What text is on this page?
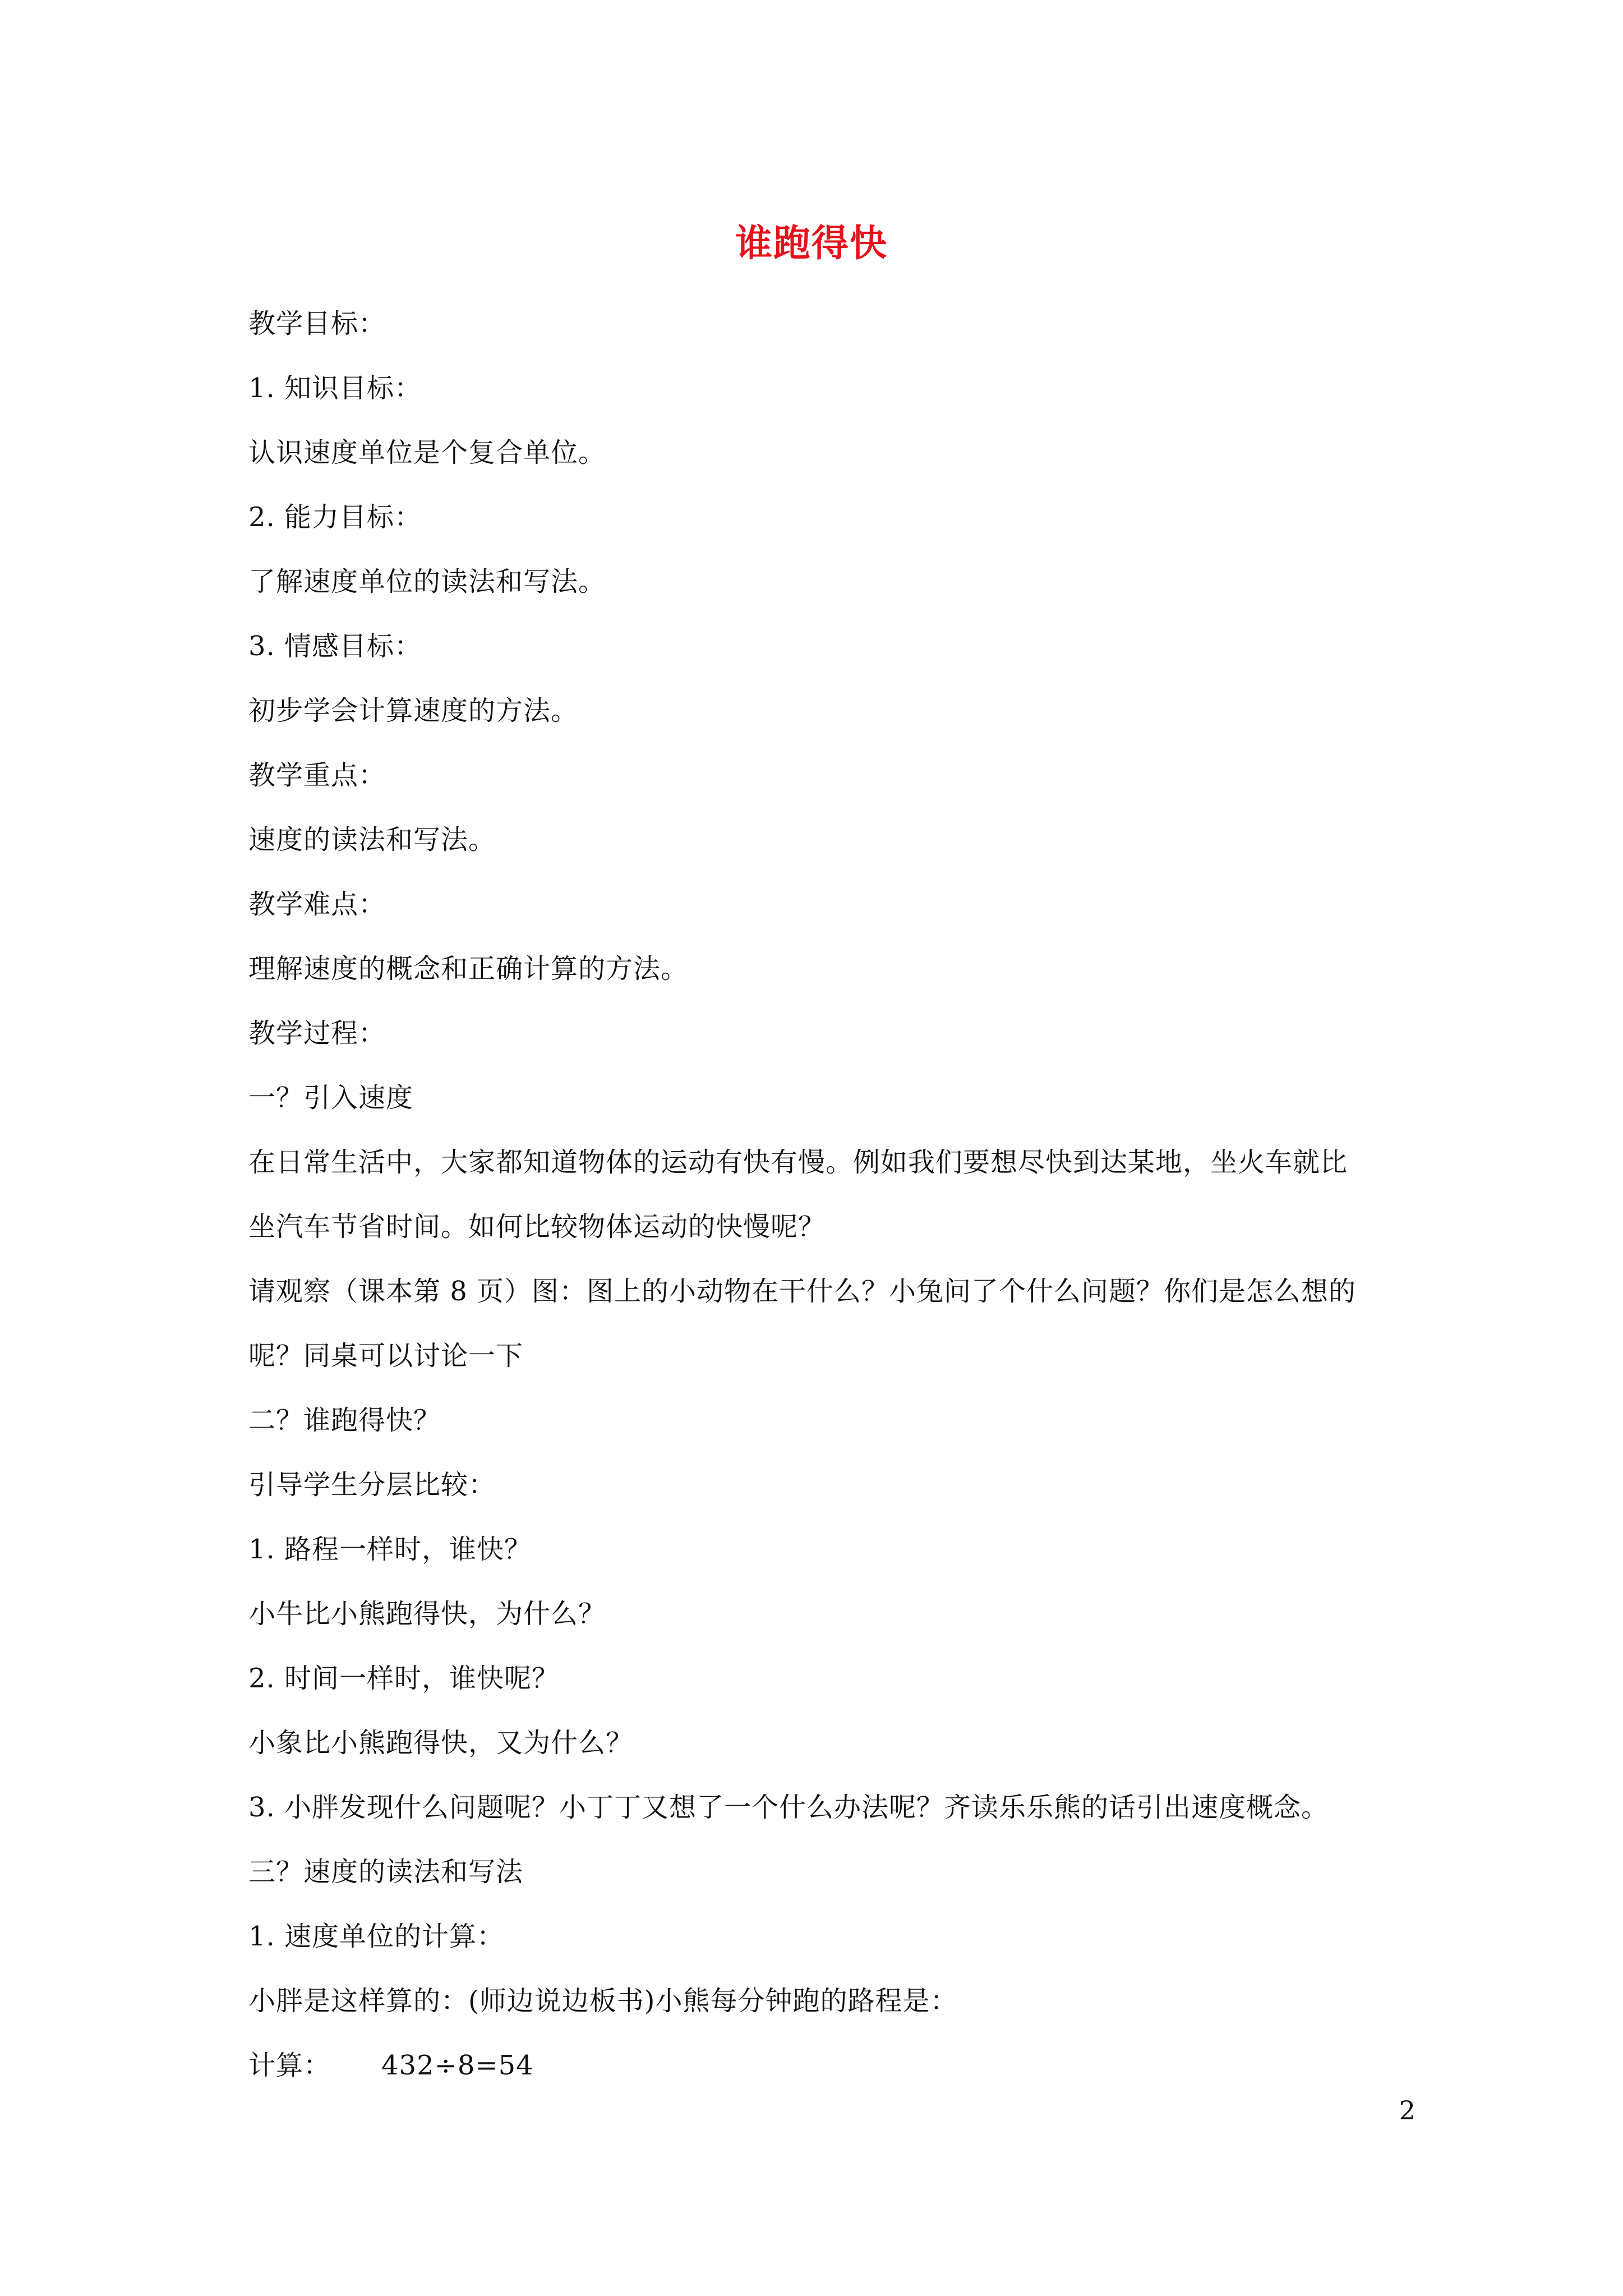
谁跑得快
教学目标：
1. 知识目标：
认识速度单位是个复合单位。
2. 能力目标：
了解速度单位的读法和写法。
3. 情感目标：
初步学会计算速度的方法。
教学重点：
速度的读法和写法。
教学难点：
理解速度的概念和正确计算的方法。
教学过程：
一？引入速度
在日常生活中，大家都知道物体的运动有快有慢。例如我们要想尽快到达某地，坐火车就比
坐汽车节省时间。如何比较物体运动的快慢呢？
请观察（课本第 8 页）图：图上的小动物在干什么？小兔问了个什么问题？你们是怎么想的
呢？同桌可以讨论一下
二？谁跑得快？
引导学生分层比较：
1. 路程一样时，谁快？
小牛比小熊跑得快，为什么？
2. 时间一样时，谁快呢？
小象比小熊跑得快，又为什么？
3. 小胖发现什么问题呢？小丁丁又想了一个什么办法呢？齐读乐乐熊的话引出速度概念。
三？速度的读法和写法
1. 速度单位的计算：
小胖是这样算的：(师边说边板书)小熊每分钟跑的路程是：
计算： 432÷8=54
2
